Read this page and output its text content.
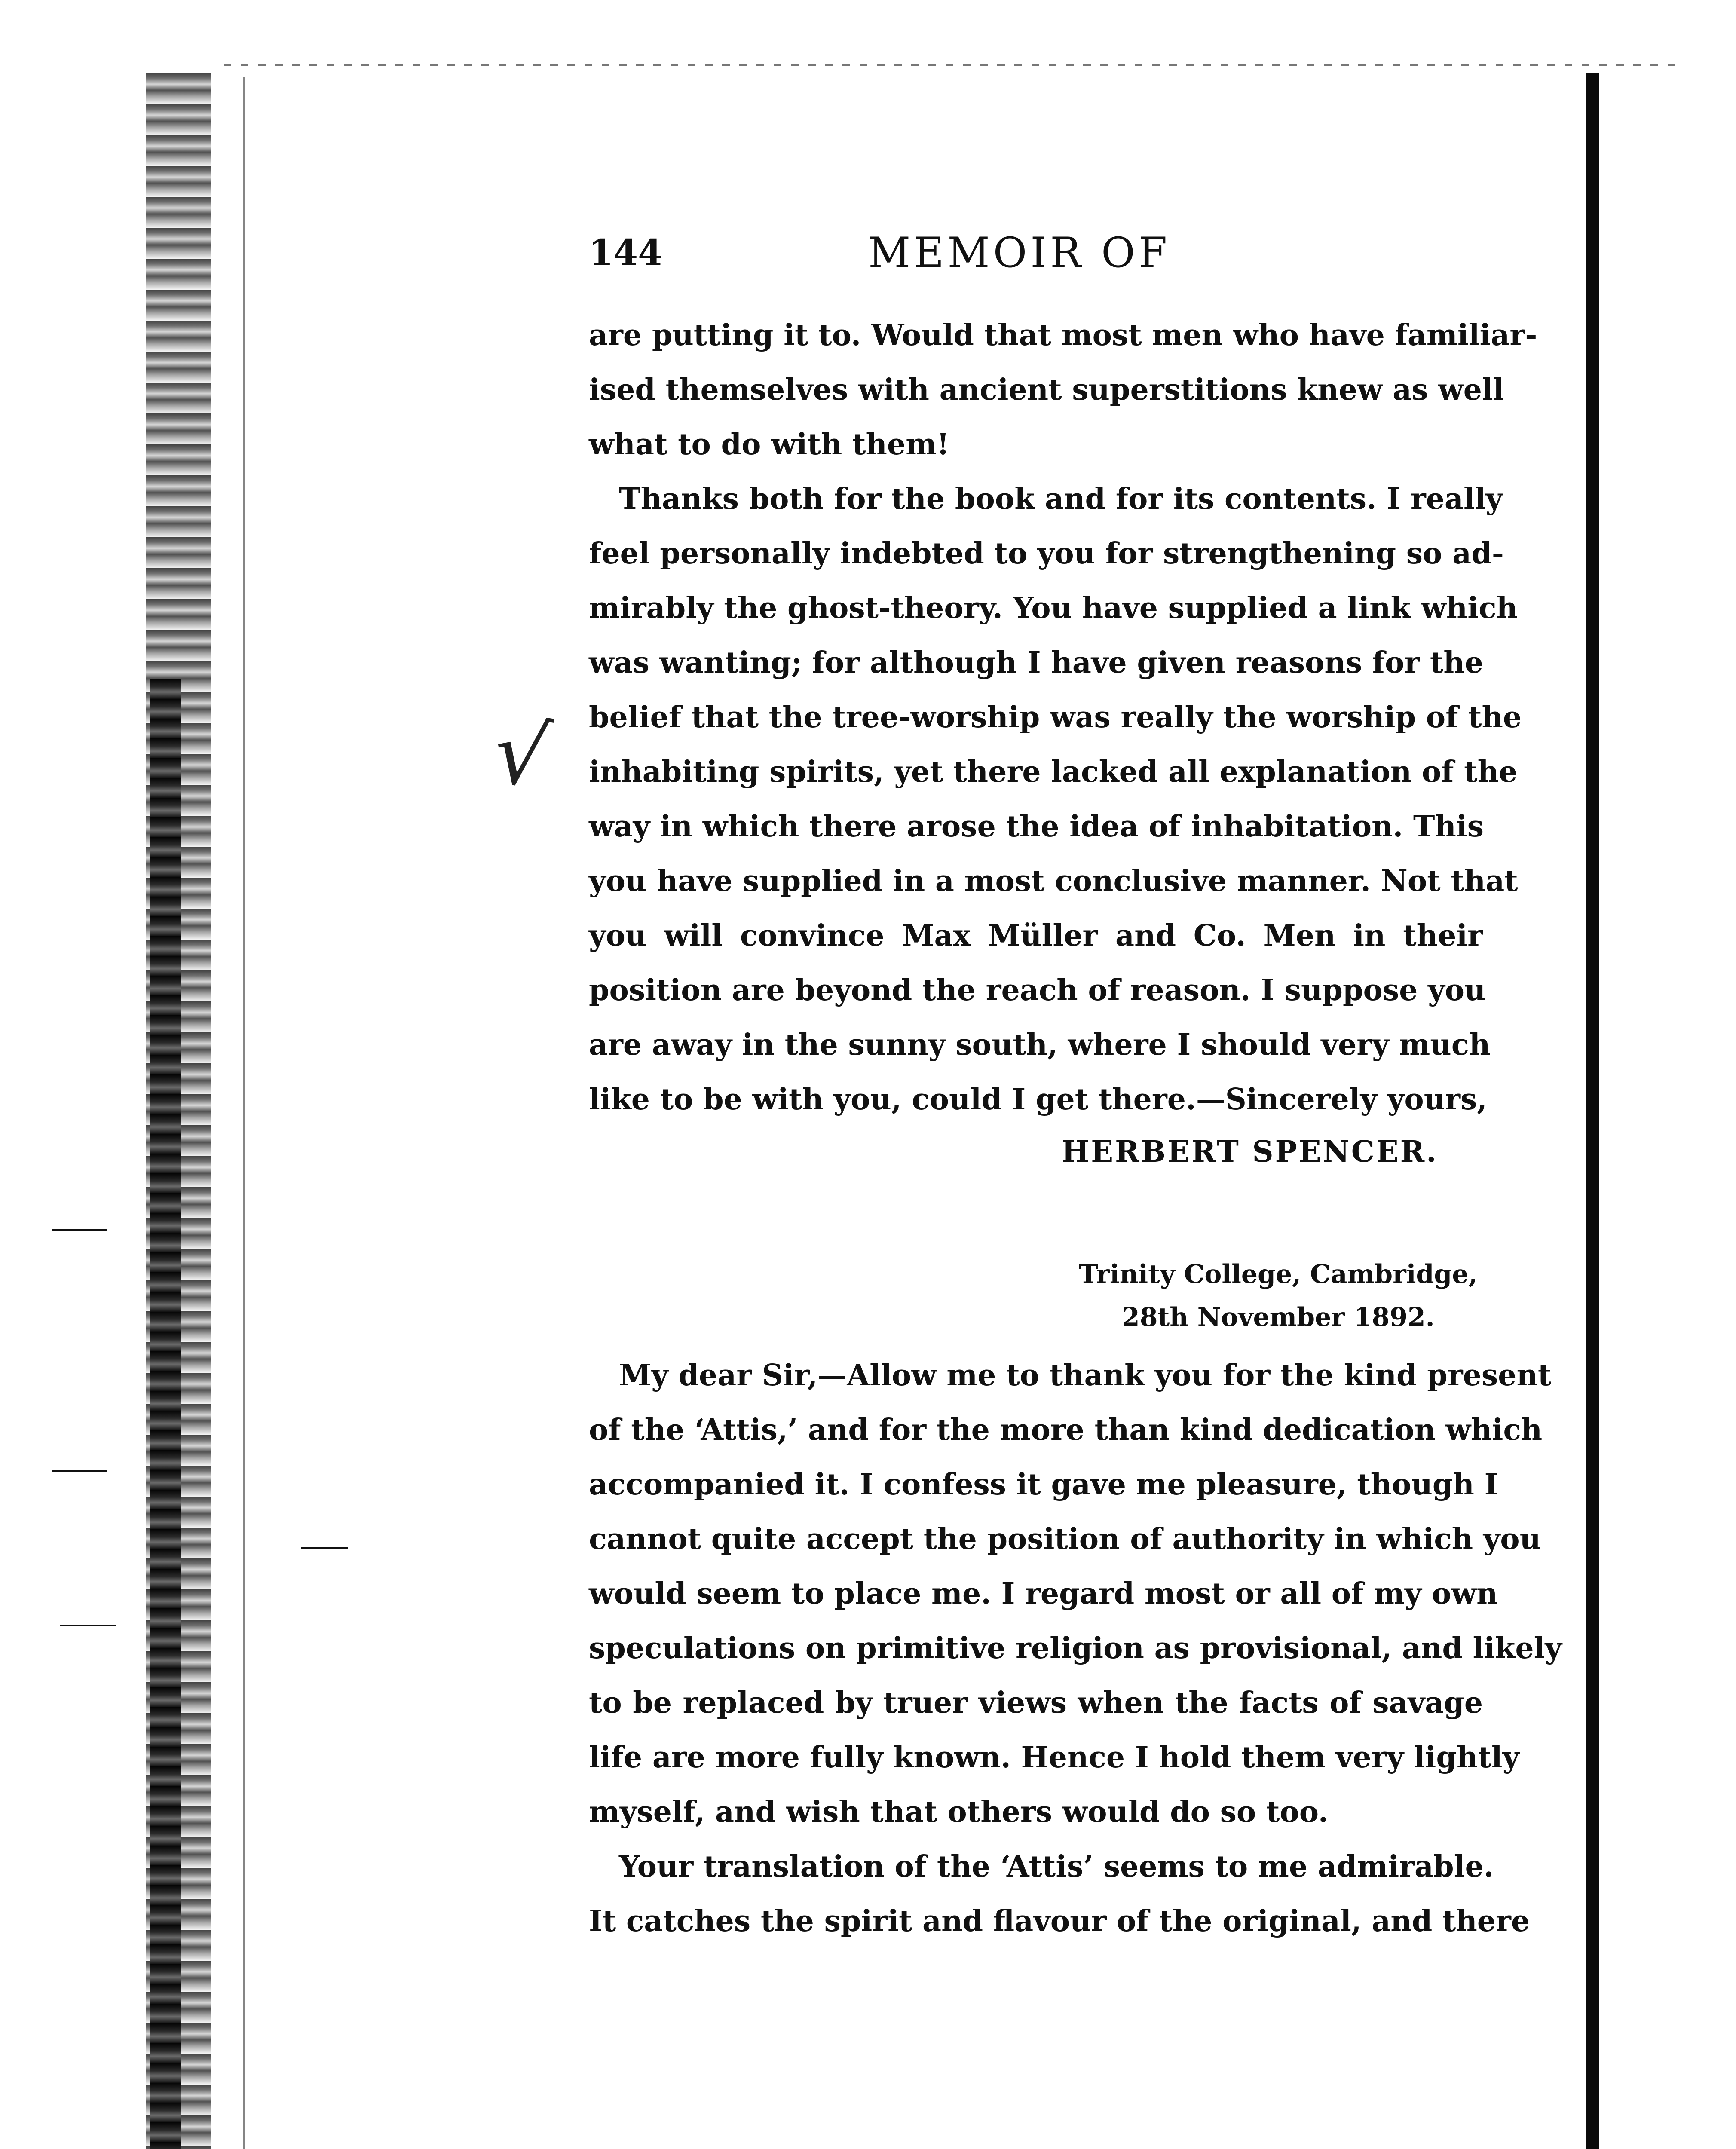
√
144	MEMOIR OF
are putting it to. Would that most men who have familiar-
ised themselves with ancient superstitions knew as well
what to do with them!
Thanks both for the book and for its contents. I really
feel personally indebted to you for strengthening so ad-
mirably the ghost-theory. You have supplied a link which
was wanting; for although I have given reasons for the
belief that the tree-worship was really the worship of the
inhabiting spirits, yet there lacked all explanation of the
way in which there arose the idea of inhabitation. This
you have supplied in a most conclusive manner. Not that
you will convince Max Müller and Co. Men in their
position are beyond the reach of reason. I suppose you
are away in the sunny south, where I should very much
like to be with you, could I get there.—Sincerely yours,
HERBERT SPENCER.
Trinity College, Cambridge,
28th November 1892.
My dear Sir,—Allow me to thank you for the kind present
of the ‘Attis,’ and for the more than kind dedication which
accompanied it. I confess it gave me pleasure, though I
cannot quite accept the position of authority in which you
would seem to place me. I regard most or all of my own
speculations on primitive religion as provisional, and likely
to be replaced by truer views when the facts of savage
life are more fully known. Hence I hold them very lightly
myself, and wish that others would do so too.
Your translation of the ‘Attis’ seems to me admirable.
It catches the spirit and flavour of the original, and there
